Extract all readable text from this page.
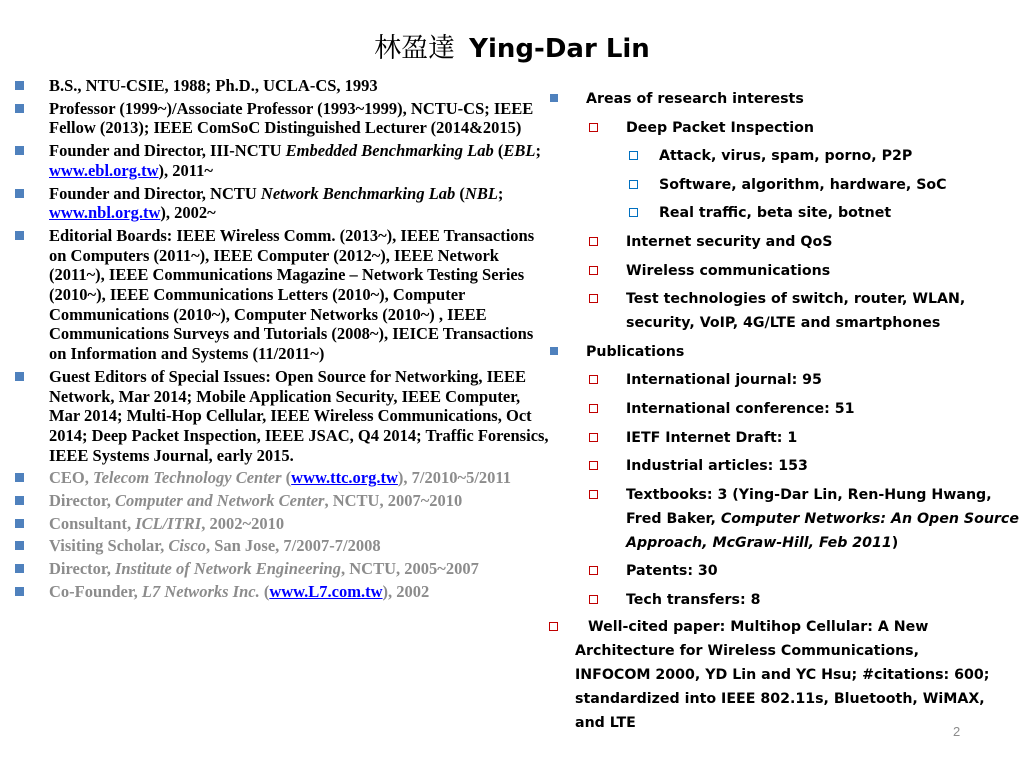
林盈達 Ying-Dar Lin
B.S., NTU-CSIE, 1988; Ph.D., UCLA-CS, 1993
Professor (1999~)/Associate Professor (1993~1999), NCTU-CS; IEEE Fellow (2013); IEEE ComSoC Distinguished Lecturer (2014&2015)
Founder and Director, III-NCTU Embedded Benchmarking Lab (EBL; www.ebl.org.tw), 2011~
Founder and Director, NCTU Network Benchmarking Lab (NBL; www.nbl.org.tw), 2002~
Editorial Boards: IEEE Wireless Comm. (2013~), IEEE Transactions on Computers (2011~), IEEE Computer (2012~), IEEE Network (2011~), IEEE Communications Magazine – Network Testing Series (2010~), IEEE Communications Letters (2010~), Computer Communications (2010~), Computer Networks (2010~) , IEEE Communications Surveys and Tutorials (2008~), IEICE Transactions on Information and Systems (11/2011~)
Guest Editors of Special Issues: Open Source for Networking, IEEE Network, Mar 2014; Mobile Application Security, IEEE Computer, Mar 2014; Multi-Hop Cellular, IEEE Wireless Communications, Oct 2014; Deep Packet Inspection, IEEE JSAC, Q4 2014; Traffic Forensics, IEEE Systems Journal, early 2015.
CEO, Telecom Technology Center (www.ttc.org.tw), 7/2010~5/2011
Director, Computer and Network Center, NCTU, 2007~2010
Consultant, ICL/ITRI, 2002~2010
Visiting Scholar, Cisco, San Jose, 7/2007-7/2008
Director, Institute of Network Engineering, NCTU, 2005~2007
Co-Founder, L7 Networks Inc. (www.L7.com.tw), 2002
Areas of research interests
Deep Packet Inspection
Attack, virus, spam, porno, P2P
Software, algorithm, hardware, SoC
Real traffic, beta site, botnet
Internet security and QoS
Wireless communications
Test technologies of switch, router, WLAN, security, VoIP, 4G/LTE and smartphones
Publications
International journal: 95
International conference: 51
IETF Internet Draft: 1
Industrial articles: 153
Textbooks: 3 (Ying-Dar Lin, Ren-Hung Hwang, Fred Baker, Computer Networks: An Open Source Approach, McGraw-Hill, Feb 2011)
Patents: 30
Tech transfers: 8
Well-cited paper: Multihop Cellular: A New
Architecture for Wireless Communications,
INFOCOM 2000, YD Lin and YC Hsu; #citations: 600;
standardized into IEEE 802.11s, Bluetooth, WiMAX,
and LTE
2
